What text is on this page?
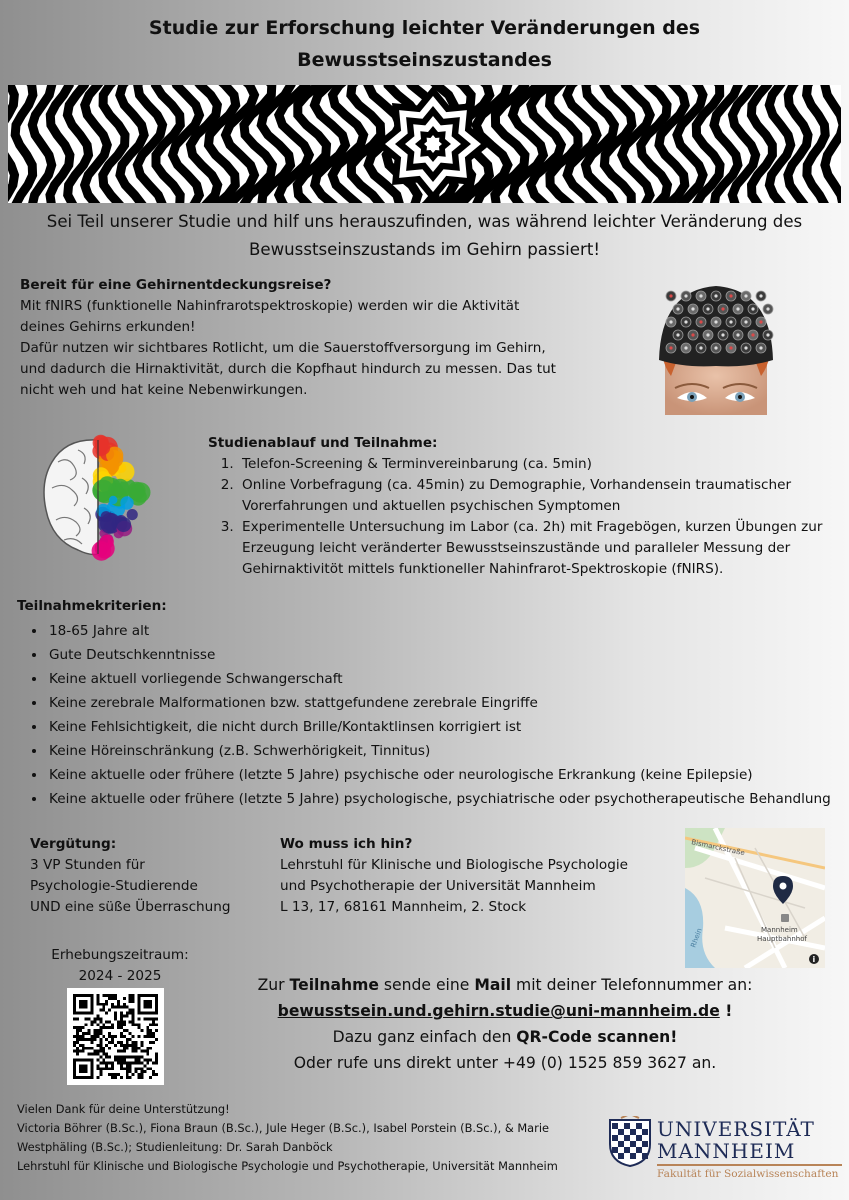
Studie zur Erforschung leichter Veränderungen des
Bewusstseinszustandes
Sei Teil unserer Studie und hilf uns herauszufinden, was während leichter Veränderung des
Bewusstseinszustands im Gehirn passiert!
Bereit für eine Gehirnentdeckungsreise?
Mit fNIRS (funktionelle Nahinfrarotspektroskopie) werden wir die Aktivität
deines Gehirns erkunden!
Dafür nutzen wir sichtbares Rotlicht, um die Sauerstoffversorgung im Gehirn,
und dadurch die Hirnaktivität, durch die Kopfhaut hindurch zu messen. Das tut
nicht weh und hat keine Nebenwirkungen.
Studienablauf und Teilnahme:
1. Telefon-Screening & Terminvereinbarung (ca. 5min)
2. Online Vorbefragung (ca. 45min) zu Demographie, Vorhandensein traumatischer Vorerfahrungen und aktuellen psychischen Symptomen
3. Experimentelle Untersuchung im Labor (ca. 2h) mit Fragebögen, kurzen Übungen zur Erzeugung leicht veränderter Bewusstseinszustände und paralleler Messung der Gehirnaktivitöt mittels funktioneller Nahinfrarot-Spektroskopie (fNIRS).
Teilnahmekriterien:
• 18-65 Jahre alt
• Gute Deutschkenntnisse
• Keine aktuell vorliegende Schwangerschaft
• Keine zerebrale Malformationen bzw. stattgefundene zerebrale Eingriffe
• Keine Fehlsichtigkeit, die nicht durch Brille/Kontaktlinsen korrigiert ist
• Keine Höreinschränkung (z.B. Schwerhörigkeit, Tinnitus)
• Keine aktuelle oder frühere (letzte 5 Jahre) psychische oder neurologische Erkrankung (keine Epilepsie)
• Keine aktuelle oder frühere (letzte 5 Jahre) psychologische, psychiatrische oder psychotherapeutische Behandlung
Vergütung:
3 VP Stunden für
Psychologie-Studierende
UND eine süße Überraschung
Wo muss ich hin?
Lehrstuhl für Klinische und Biologische Psychologie
und Psychotherapie der Universität Mannheim
L 13, 17, 68161 Mannheim, 2. Stock
Bismarckstraße
Rhein	Mannheim
Hauptbahnhof
i
Erhebungszeitraum:
2024 - 2025	Zur Teilnahme sende eine Mail mit deiner Telefonnummer an:
bewusstsein.und.gehirn.studie@uni-mannheim.de !
Dazu ganz einfach den QR-Code scannen!
Oder rufe uns direkt unter +49 (0) 1525 859 3627 an.
Vielen Dank für deine Unterstützung!
Victoria Böhrer (B.Sc.), Fiona Braun (B.Sc.), Jule Heger (B.Sc.), Isabel Porstein (B.Sc.), & Marie
Westphäling (B.Sc.); Studienleitung: Dr. Sarah Danböck
Lehrstuhl für Klinische und Biologische Psychologie und Psychotherapie, Universität Mannheim
UNIVERSITÄT
MANNHEIM
Fakultät für Sozialwissenschaften
